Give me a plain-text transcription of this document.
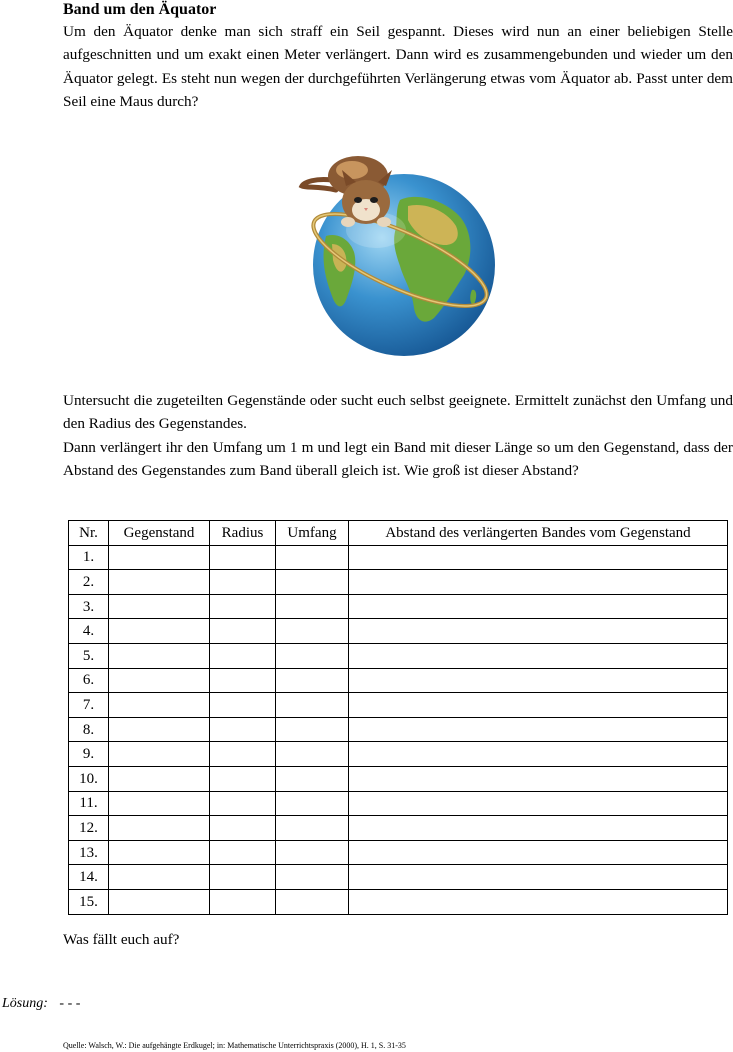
Band um den Äquator

Um den Äquator denke man sich straff ein Seil gespannt. Dieses wird nun an einer beliebigen Stelle aufgeschnitten und um exakt einen Meter verlängert. Dann wird es zusammengebunden und wieder um den Äquator gelegt. Es steht nun wegen der durchgeführten Verlängerung etwas vom Äquator ab. Passt unter dem Seil eine Maus durch?

Untersucht die zugeteilten Gegenstände oder sucht euch selbst geeignete. Ermittelt zunächst den Umfang und den Radius des Gegenstandes.

Dann verlängert ihr den Umfang um 1 m und legt ein Band mit dieser Länge so um den Gegenstand, dass der Abstand des Gegenstandes zum Band überall gleich ist. Wie groß ist dieser Abstand?

Nr.	Gegenstand	Radius	Umfang	Abstand des verlängerten Bandes vom Gegenstand
1.				
2.				
3.				
4.				
5.				
6.				
7.				
8.				
9.				
10.				
11.				
12.				
13.				
14.				
15.				

Was fällt euch auf?

Lösung: - - -
Quelle: Walsch, W.: Die aufgehängte Erdkugel; in: Mathematische Unterrichtspraxis (2000), H. 1, S. 31-35
